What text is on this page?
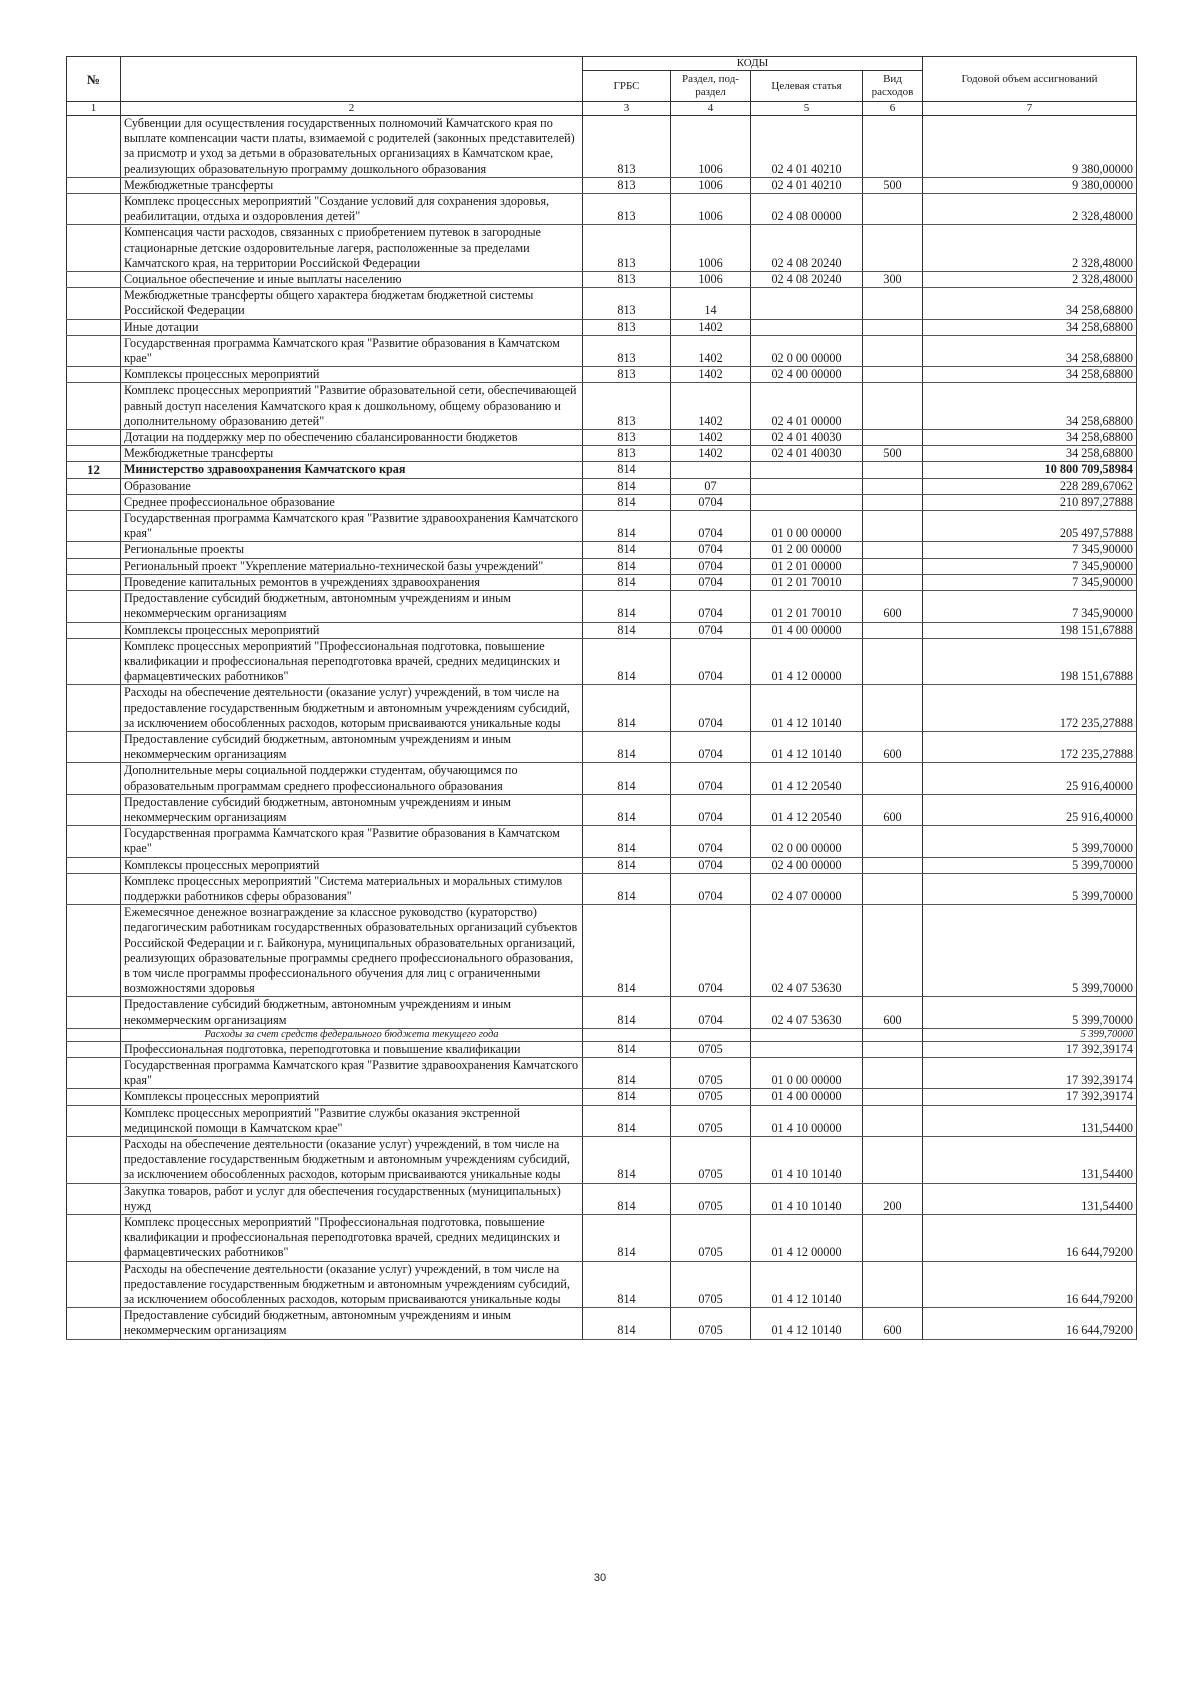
№		КОДЫ				Годовой объем ассигнований
		ГРБС	Раздел, под-раздел	Целевая статья	Вид расходов	
1	2	3	4	5	6	7
	Субвенции для осуществления государственных полномочий Камчатского края по выплате компенсации части платы, взимаемой с родителей (законных представителей) за присмотр и уход за детьми в образовательных организациях в Камчатском крае, реализующих образовательную программу дошкольного образования	813	1006	02 4 01 40210		9 380,00000
	Межбюджетные трансферты	813	1006	02 4 01 40210	500	9 380,00000
	Комплекс процессных мероприятий "Создание условий для сохранения здоровья, реабилитации, отдыха и оздоровления детей"	813	1006	02 4 08 00000		2 328,48000
	Компенсация части расходов, связанных с приобретением путевок в загородные стационарные детские оздоровительные лагеря, расположенные за пределами Камчатского края, на территории Российской Федерации	813	1006	02 4 08 20240		2 328,48000
	Социальное обеспечение и иные выплаты населению	813	1006	02 4 08 20240	300	2 328,48000
	Межбюджетные трансферты общего характера бюджетам бюджетной системы Российской Федерации	813	14			34 258,68800
	Иные дотации	813	1402			34 258,68800
	Государственная программа Камчатского края "Развитие образования в Камчатском крае"	813	1402	02 0 00 00000		34 258,68800
	Комплексы процессных мероприятий	813	1402	02 4 00 00000		34 258,68800
	Комплекс процессных мероприятий "Развитие образовательной сети, обеспечивающей равный доступ населения Камчатского края к дошкольному, общему образованию и дополнительному образованию детей"	813	1402	02 4 01 00000		34 258,68800
	Дотации на поддержку мер по обеспечению сбалансированности бюджетов	813	1402	02 4 01 40030		34 258,68800
	Межбюджетные трансферты	813	1402	02 4 01 40030	500	34 258,68800
12	Министерство здравоохранения Камчатского края	814				10 800 709,58984
	Образование	814	07			228 289,67062
	Среднее профессиональное образование	814	0704			210 897,27888
	Государственная программа Камчатского края "Развитие здравоохранения Камчатского края"	814	0704	01 0 00 00000		205 497,57888
	Региональные проекты	814	0704	01 2 00 00000		7 345,90000
	Региональный проект "Укрепление материально-технической базы учреждений"	814	0704	01 2 01 00000		7 345,90000
	Проведение капитальных ремонтов в учреждениях здравоохранения	814	0704	01 2 01 70010		7 345,90000
	Предоставление субсидий бюджетным, автономным учреждениям и иным некоммерческим организациям	814	0704	01 2 01 70010	600	7 345,90000
	Комплексы процессных мероприятий	814	0704	01 4 00 00000		198 151,67888
	Комплекс процессных мероприятий "Профессиональная подготовка, повышение квалификации и профессиональная переподготовка врачей, средних медицинских и фармацевтических работников"	814	0704	01 4 12 00000		198 151,67888
	Расходы на обеспечение деятельности (оказание услуг) учреждений, в том числе на предоставление государственным бюджетным и автономным учреждениям субсидий, за исключением обособленных расходов, которым присваиваются уникальные коды	814	0704	01 4 12 10140		172 235,27888
	Предоставление субсидий бюджетным, автономным учреждениям и иным некоммерческим организациям	814	0704	01 4 12 10140	600	172 235,27888
	Дополнительные меры социальной поддержки студентам, обучающимся по образовательным программам среднего профессионального образования	814	0704	01 4 12 20540		25 916,40000
	Предоставление субсидий бюджетным, автономным учреждениям и иным некоммерческим организациям	814	0704	01 4 12 20540	600	25 916,40000
	Государственная программа Камчатского края "Развитие образования в Камчатском крае"	814	0704	02 0 00 00000		5 399,70000
	Комплексы процессных мероприятий	814	0704	02 4 00 00000		5 399,70000
	Комплекс процессных мероприятий "Система материальных и моральных стимулов поддержки работников сферы образования"	814	0704	02 4 07 00000		5 399,70000
	Ежемесячное денежное вознаграждение за классное руководство (кураторство) педагогическим работникам государственных образовательных организаций субъектов Российской Федерации и г. Байконура, муниципальных образовательных организаций, реализующих образовательные программы среднего профессионального образования, в том числе программы профессионального обучения для лиц с ограниченными возможностями здоровья	814	0704	02 4 07 53630		5 399,70000
	Предоставление субсидий бюджетным, автономным учреждениям и иным некоммерческим организациям	814	0704	02 4 07 53630	600	5 399,70000
	Расходы за счет средств федерального бюджета текущего года					5 399,70000
	Профессиональная подготовка, переподготовка и повышение квалификации	814	0705			17 392,39174
	Государственная программа Камчатского края "Развитие здравоохранения Камчатского края"	814	0705	01 0 00 00000		17 392,39174
	Комплексы процессных мероприятий	814	0705	01 4 00 00000		17 392,39174
	Комплекс процессных мероприятий "Развитие службы оказания экстренной медицинской помощи в Камчатском крае"	814	0705	01 4 10 00000		131,54400
	Расходы на обеспечение деятельности (оказание услуг) учреждений, в том числе на предоставление государственным бюджетным и автономным учреждениям субсидий, за исключением обособленных расходов, которым присваиваются уникальные коды	814	0705	01 4 10 10140		131,54400
	Закупка товаров, работ и услуг для обеспечения государственных (муниципальных) нужд	814	0705	01 4 10 10140	200	131,54400
	Комплекс процессных мероприятий "Профессиональная подготовка, повышение квалификации и профессиональная переподготовка врачей, средних медицинских и фармацевтических работников"	814	0705	01 4 12 00000		16 644,79200
	Расходы на обеспечение деятельности (оказание услуг) учреждений, в том числе на предоставление государственным бюджетным и автономным учреждениям субсидий, за исключением обособленных расходов, которым присваиваются уникальные коды	814	0705	01 4 12 10140		16 644,79200
	Предоставление субсидий бюджетным, автономным учреждениям и иным некоммерческим организациям	814	0705	01 4 12 10140	600	16 644,79200
30
